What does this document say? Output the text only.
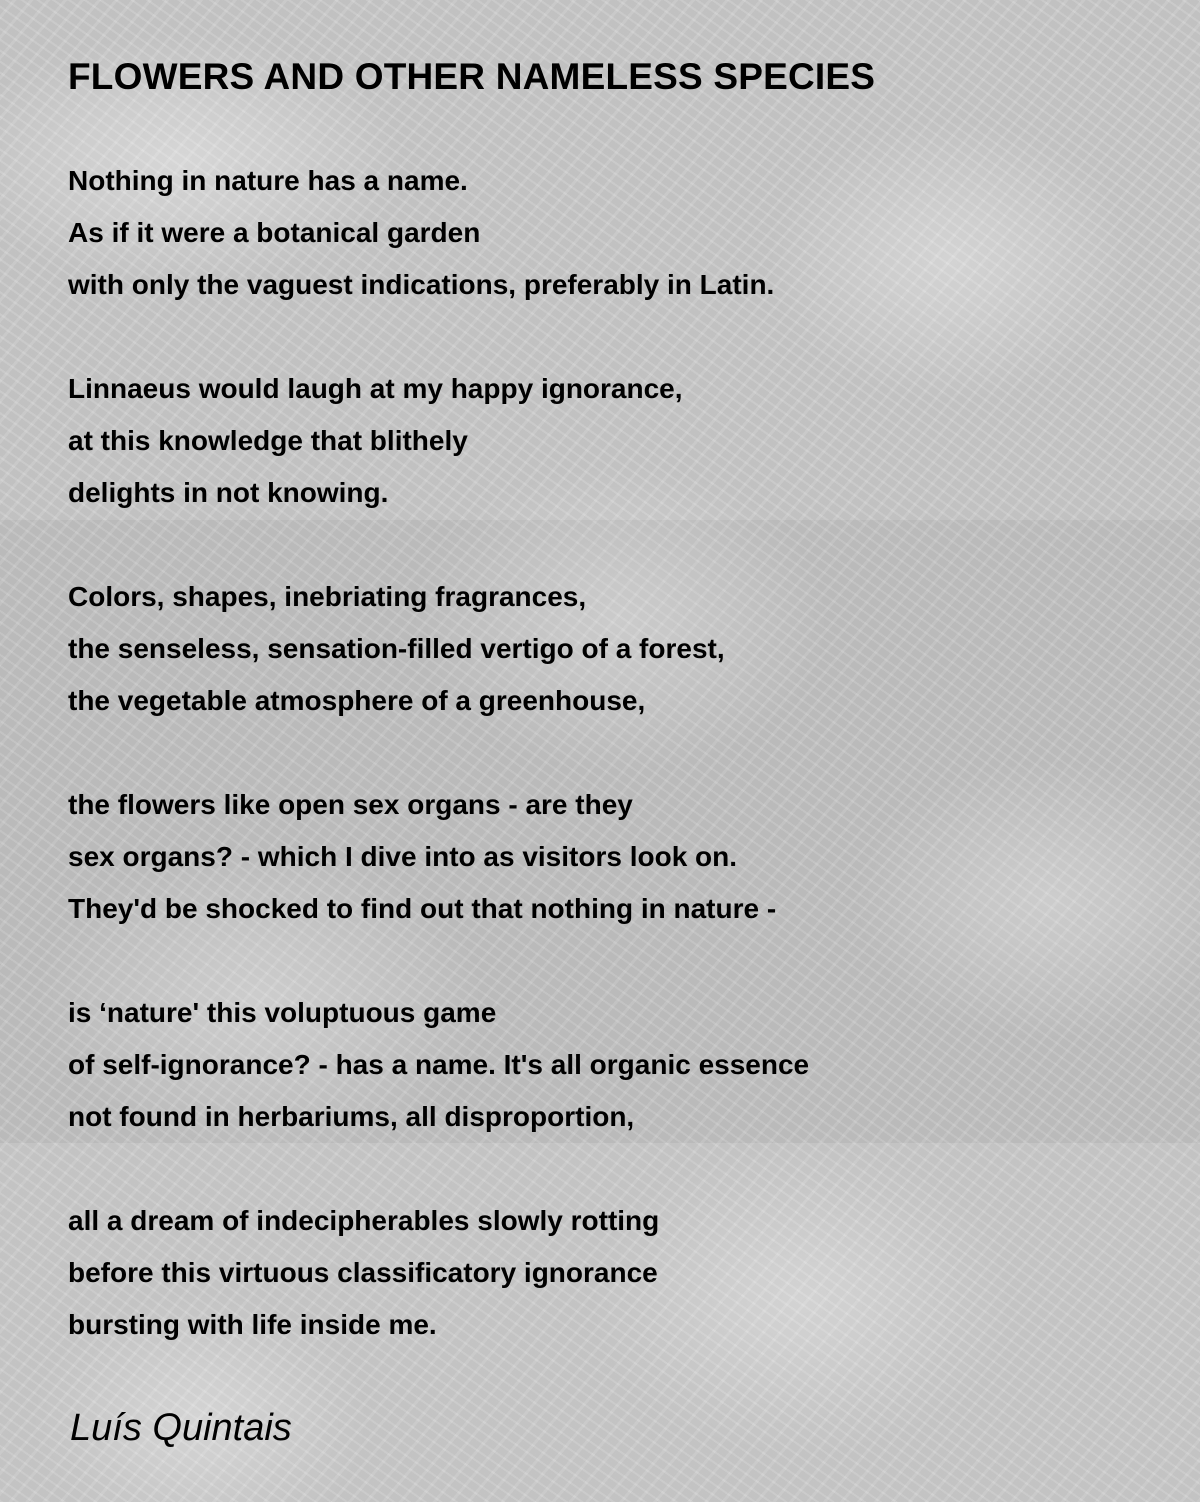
FLOWERS AND OTHER NAMELESS SPECIES
Nothing in nature has a name.
As if it were a botanical garden
with only the vaguest indications, preferably in Latin.
Linnaeus would laugh at my happy ignorance,
at this knowledge that blithely
delights in not knowing.
Colors, shapes, inebriating fragrances,
the senseless, sensation-filled vertigo of a forest,
the vegetable atmosphere of a greenhouse,
the flowers like open sex organs - are they
sex organs? - which I dive into as visitors look on.
They'd be shocked to find out that nothing in nature -
is ‘nature' this voluptuous game
of self-ignorance? - has a name. It's all organic essence
not found in herbariums, all disproportion,
all a dream of indecipherables slowly rotting
before this virtuous classificatory ignorance
bursting with life inside me.
Luís Quintais
